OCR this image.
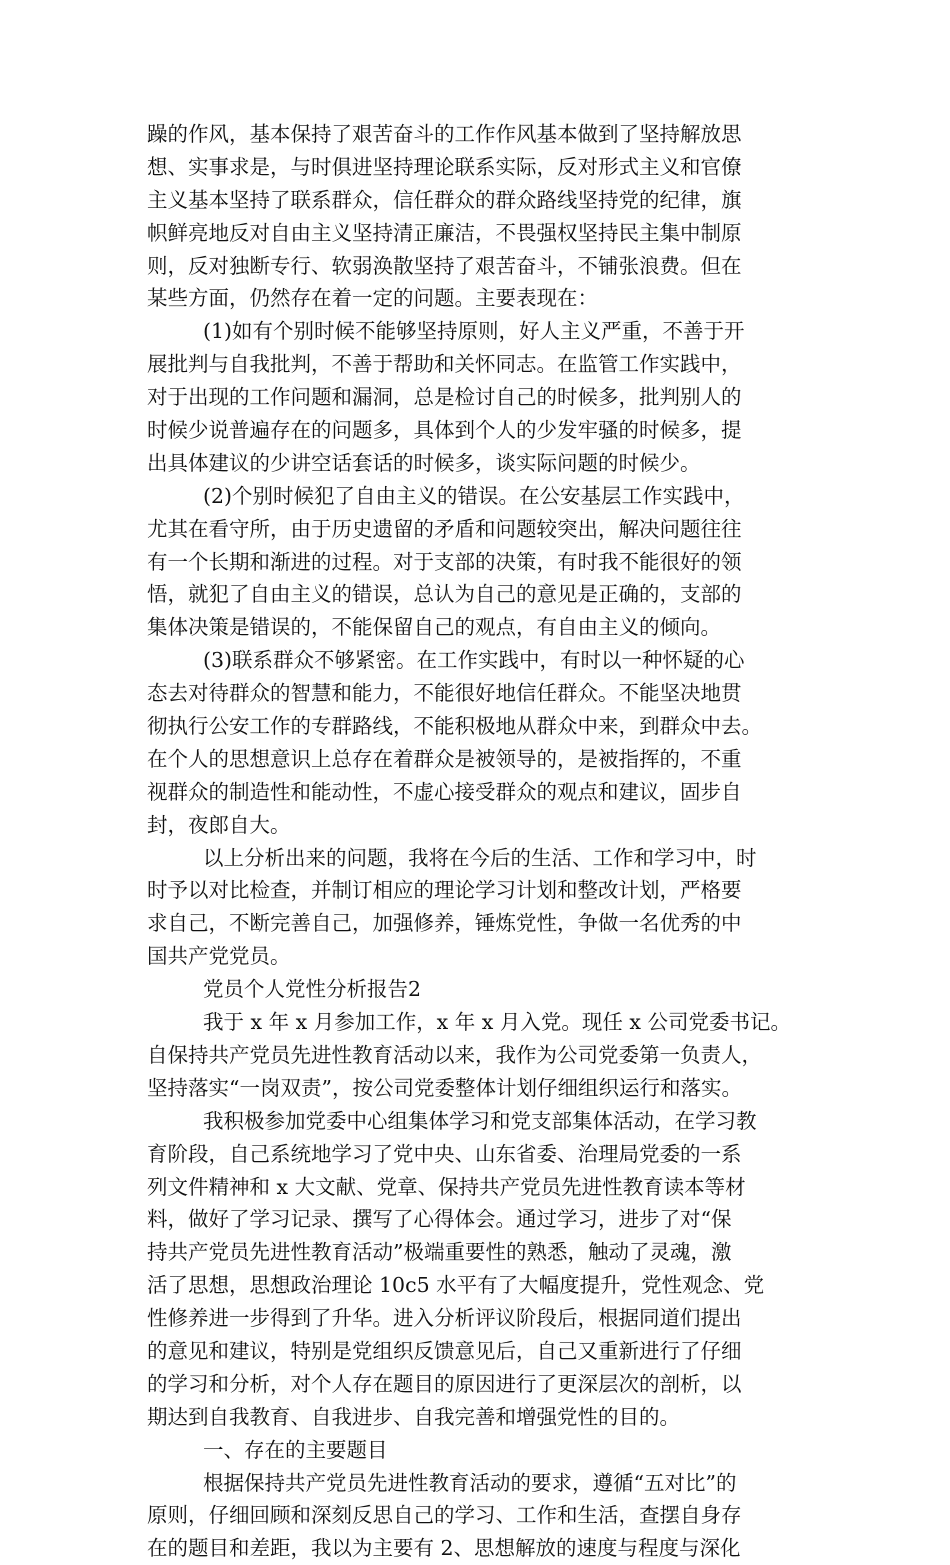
躁的作风，基本保持了艰苦奋斗的工作作风基本做到了坚持解放思
想、实事求是，与时俱进坚持理论联系实际，反对形式主义和官僚
主义基本坚持了联系群众，信任群众的群众路线坚持党的纪律，旗
帜鲜亮地反对自由主义坚持清正廉洁，不畏强权坚持民主集中制原
则，反对独断专行、软弱涣散坚持了艰苦奋斗，不铺张浪费。但在
某些方面，仍然存在着一定的问题。主要表现在：
(1)如有个别时候不能够坚持原则，好人主义严重，不善于开
展批判与自我批判，不善于帮助和关怀同志。在监管工作实践中，
对于出现的工作问题和漏洞，总是检讨自己的时候多，批判别人的
时候少说普遍存在的问题多，具体到个人的少发牢骚的时候多，提
出具体建议的少讲空话套话的时候多，谈实际问题的时候少。
(2)个别时候犯了自由主义的错误。在公安基层工作实践中，
尤其在看守所，由于历史遗留的矛盾和问题较突出，解决问题往往
有一个长期和渐进的过程。对于支部的决策，有时我不能很好的领
悟，就犯了自由主义的错误，总认为自己的意见是正确的，支部的
集体决策是错误的，不能保留自己的观点，有自由主义的倾向。
(3)联系群众不够紧密。在工作实践中，有时以一种怀疑的心
态去对待群众的智慧和能力，不能很好地信任群众。不能坚决地贯
彻执行公安工作的专群路线，不能积极地从群众中来，到群众中去。
在个人的思想意识上总存在着群众是被领导的，是被指挥的，不重
视群众的制造性和能动性，不虚心接受群众的观点和建议，固步自
封，夜郎自大。
以上分析出来的问题，我将在今后的生活、工作和学习中，时
时予以对比检查，并制订相应的理论学习计划和整改计划，严格要
求自己，不断完善自己，加强修养，锤炼党性，争做一名优秀的中
国共产党党员。
党员个人党性分析报告2
我于 x 年 x 月参加工作，x 年 x 月入党。现任 x 公司党委书记。
自保持共产党员先进性教育活动以来，我作为公司党委第一负责人，
坚持落实“一岗双责”，按公司党委整体计划仔细组织运行和落实。
我积极参加党委中心组集体学习和党支部集体活动，在学习教
育阶段，自己系统地学习了党中央、山东省委、治理局党委的一系
列文件精神和 x 大文献、党章、保持共产党员先进性教育读本等材
料，做好了学习记录、撰写了心得体会。通过学习，进步了对“保
持共产党员先进性教育活动”极端重要性的熟悉，触动了灵魂，激
活了思想，思想政治理论 10c5 水平有了大幅度提升，党性观念、党
性修养进一步得到了升华。进入分析评议阶段后，根据同道们提出
的意见和建议，特别是党组织反馈意见后，自己又重新进行了仔细
的学习和分析，对个人存在题目的原因进行了更深层次的剖析，以
期达到自我教育、自我进步、自我完善和增强党性的目的。
一、存在的主要题目
根据保持共产党员先进性教育活动的要求，遵循“五对比”的
原则，仔细回顾和深刻反思自己的学习、工作和生活，查摆自身存
在的题目和差距，我以为主要有 2、思想解放的速度与程度与深化
